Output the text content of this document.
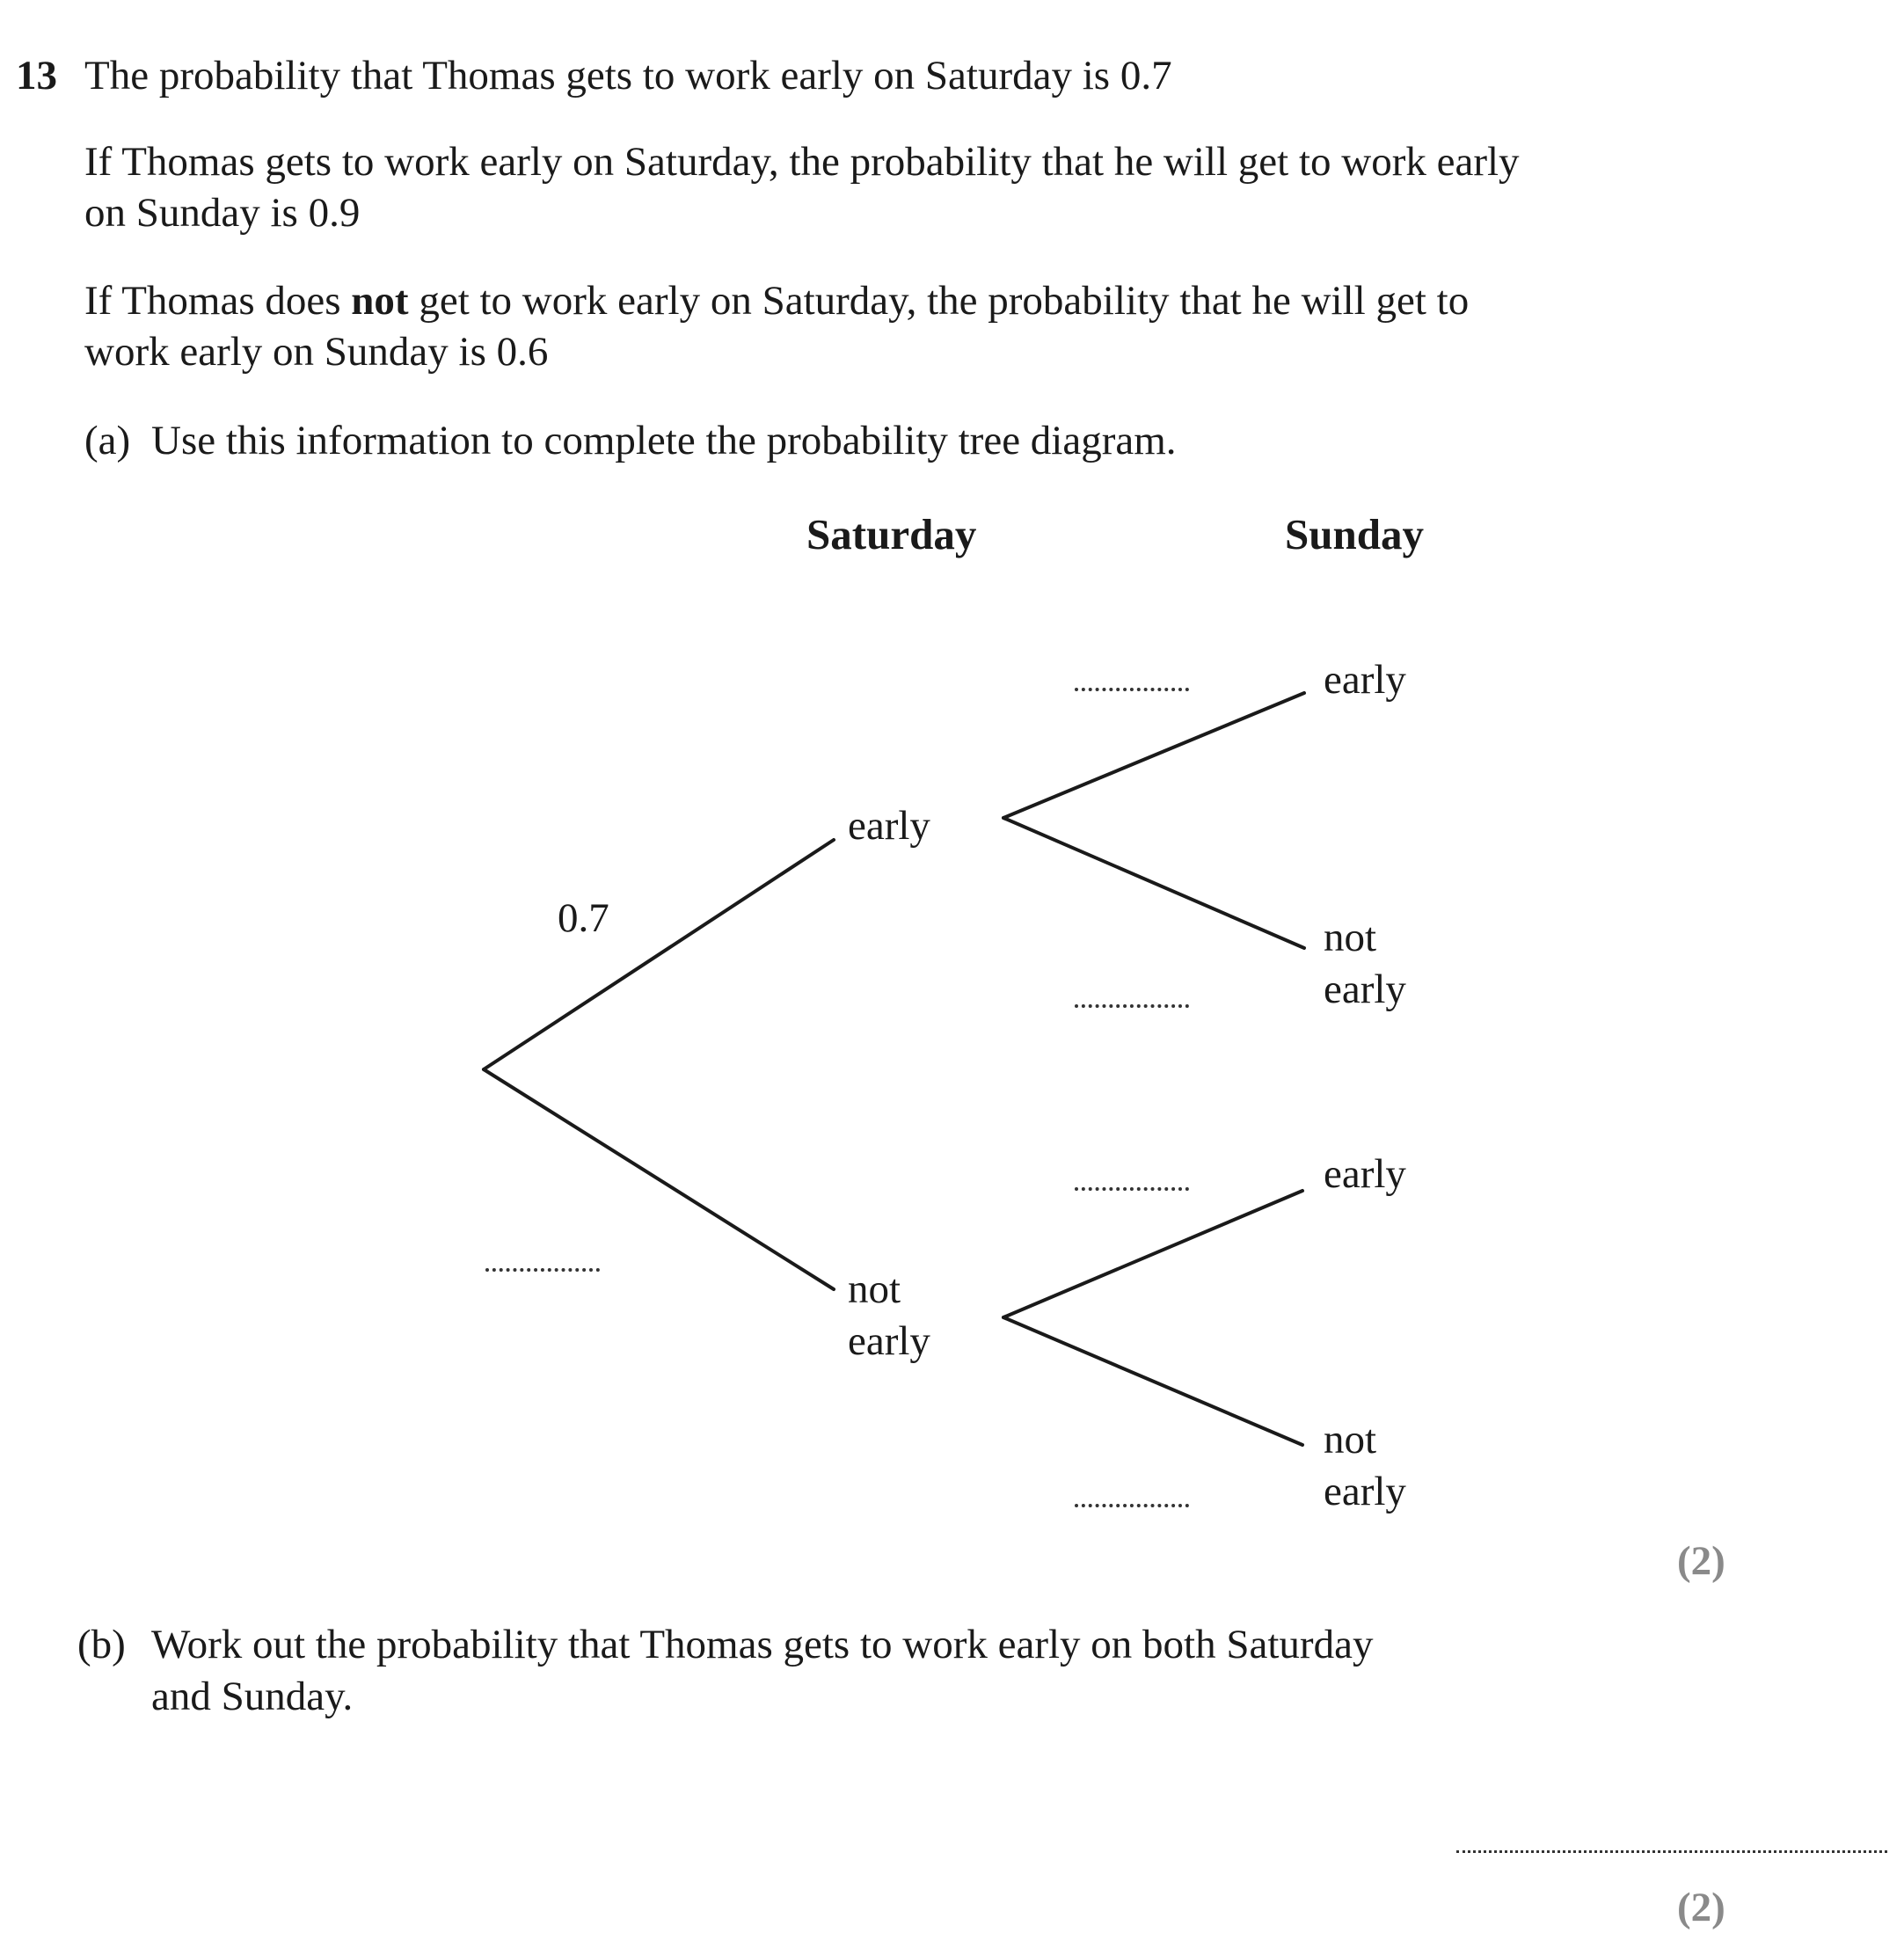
13 The probability that Thomas gets to work early on Saturday is 0.7
If Thomas gets to work early on Saturday, the probability that he will get to work early
on Sunday is 0.9
If Thomas does not get to work early on Saturday, the probability that he will get to
work early on Sunday is 0.6
(a) Use this information to complete the probability tree diagram.
Saturday	Sunday
0.7
early
not
early
early
not
early
early
not
early
(2)
(b) Work out the probability that Thomas gets to work early on both Saturday
and Sunday.
(2)
